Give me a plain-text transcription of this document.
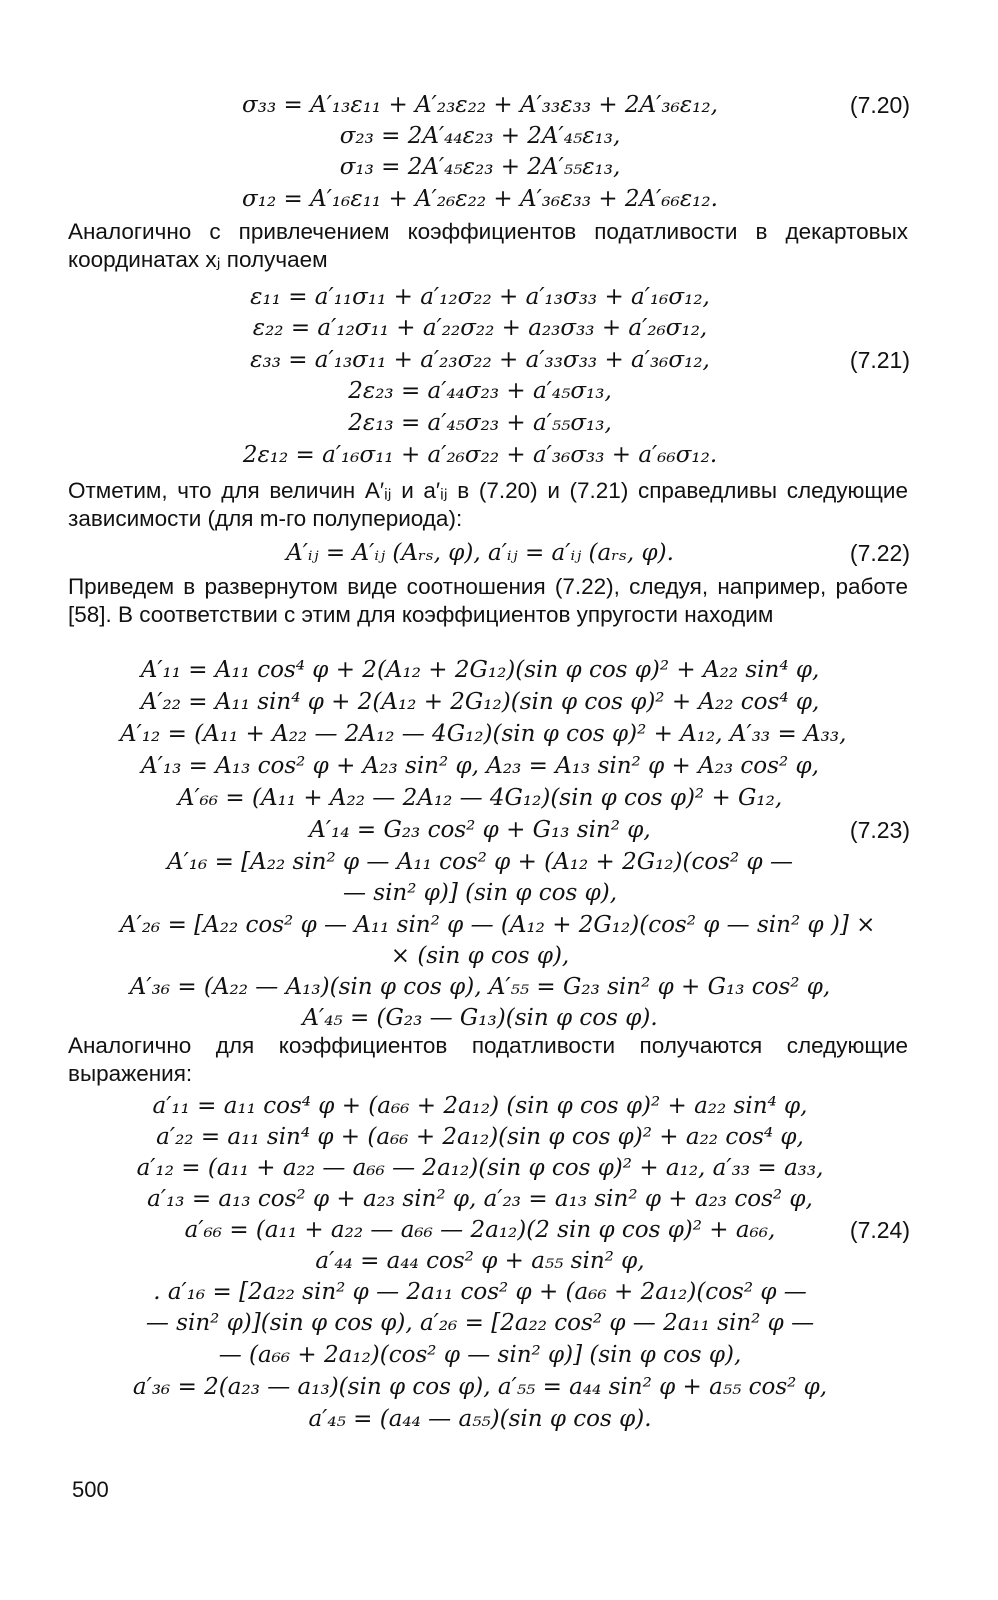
σ₃₃ = A′₁₃ε₁₁ + A′₂₃ε₂₂ + A′₃₃ε₃₃ + 2A′₃₆ε₁₂,	(7.20)
σ₂₃ = 2A′₄₄ε₂₃ + 2A′₄₅ε₁₃,
σ₁₃ = 2A′₄₅ε₂₃ + 2A′₅₅ε₁₃,
σ₁₂ = A′₁₆ε₁₁ + A′₂₆ε₂₂ + A′₃₆ε₃₃ + 2A′₆₆ε₁₂.
Аналогично с привлечением коэффициентов податливости в декартовых координатах xⱼ получаем
ε₁₁ = a′₁₁σ₁₁ + a′₁₂σ₂₂ + a′₁₃σ₃₃ + a′₁₆σ₁₂,
ε₂₂ = a′₁₂σ₁₁ + a′₂₂σ₂₂ + a₂₃σ₃₃ + a′₂₆σ₁₂,
ε₃₃ = a′₁₃σ₁₁ + a′₂₃σ₂₂ + a′₃₃σ₃₃ + a′₃₆σ₁₂,	(7.21)
2ε₂₃ = a′₄₄σ₂₃ + a′₄₅σ₁₃,
2ε₁₃ = a′₄₅σ₂₃ + a′₅₅σ₁₃,
2ε₁₂ = a′₁₆σ₁₁ + a′₂₆σ₂₂ + a′₃₆σ₃₃ + a′₆₆σ₁₂.
Отметим, что для величин A′ᵢⱼ и a′ᵢⱼ в (7.20) и (7.21) справедливы следующие зависимости (для m-го полупериода):
A′ᵢⱼ = A′ᵢⱼ (Aᵣₛ, φ), a′ᵢⱼ = a′ᵢⱼ (aᵣₛ, φ).	(7.22)
Приведем в развернутом виде соотношения (7.22), следуя, например, работе [58]. В соответствии с этим для коэффициентов упругости находим
A′₁₁ = A₁₁ cos⁴ φ + 2(A₁₂ + 2G₁₂)(sin φ cos φ)² + A₂₂ sin⁴ φ,
A′₂₂ = A₁₁ sin⁴ φ + 2(A₁₂ + 2G₁₂)(sin φ cos φ)² + A₂₂ cos⁴ φ,
A′₁₂ = (A₁₁ + A₂₂ — 2A₁₂ — 4G₁₂)(sin φ cos φ)² + A₁₂, A′₃₃ = A₃₃,
A′₁₃ = A₁₃ cos² φ + A₂₃ sin² φ, A₂₃ = A₁₃ sin² φ + A₂₃ cos² φ,
A′₆₆ = (A₁₁ + A₂₂ — 2A₁₂ — 4G₁₂)(sin φ cos φ)² + G₁₂,
A′₁₄ = G₂₃ cos² φ + G₁₃ sin² φ,	(7.23)
A′₁₆ = [A₂₂ sin² φ — A₁₁ cos² φ + (A₁₂ + 2G₁₂)(cos² φ —
— sin² φ)] (sin φ cos φ),
A′₂₆ = [A₂₂ cos² φ — A₁₁ sin² φ — (A₁₂ + 2G₁₂)(cos² φ — sin² φ )] ×
× (sin φ cos φ),
A′₃₆ = (A₂₂ — A₁₃)(sin φ cos φ), A′₅₅ = G₂₃ sin² φ + G₁₃ cos² φ,
A′₄₅ = (G₂₃ — G₁₃)(sin φ cos φ).
Аналогично для коэффициентов податливости получаются следующие выражения:
a′₁₁ = a₁₁ cos⁴ φ + (a₆₆ + 2a₁₂) (sin φ cos φ)² + a₂₂ sin⁴ φ,
a′₂₂ = a₁₁ sin⁴ φ + (a₆₆ + 2a₁₂)(sin φ cos φ)² + a₂₂ cos⁴ φ,
a′₁₂ = (a₁₁ + a₂₂ — a₆₆ — 2a₁₂)(sin φ cos φ)² + a₁₂, a′₃₃ = a₃₃,
a′₁₃ = a₁₃ cos² φ + a₂₃ sin² φ, a′₂₃ = a₁₃ sin² φ + a₂₃ cos² φ,
a′₆₆ = (a₁₁ + a₂₂ — a₆₆ — 2a₁₂)(2 sin φ cos φ)² + a₆₆,	(7.24)
a′₄₄ = a₄₄ cos² φ + a₅₅ sin² φ,
. a′₁₆ = [2a₂₂ sin² φ — 2a₁₁ cos² φ + (a₆₆ + 2a₁₂)(cos² φ —
— sin² φ)](sin φ cos φ), a′₂₆ = [2a₂₂ cos² φ — 2a₁₁ sin² φ —
— (a₆₆ + 2a₁₂)(cos² φ — sin² φ)] (sin φ cos φ),
a′₃₆ = 2(a₂₃ — a₁₃)(sin φ cos φ), a′₅₅ = a₄₄ sin² φ + a₅₅ cos² φ,
a′₄₅ = (a₄₄ — a₅₅)(sin φ cos φ).
500
